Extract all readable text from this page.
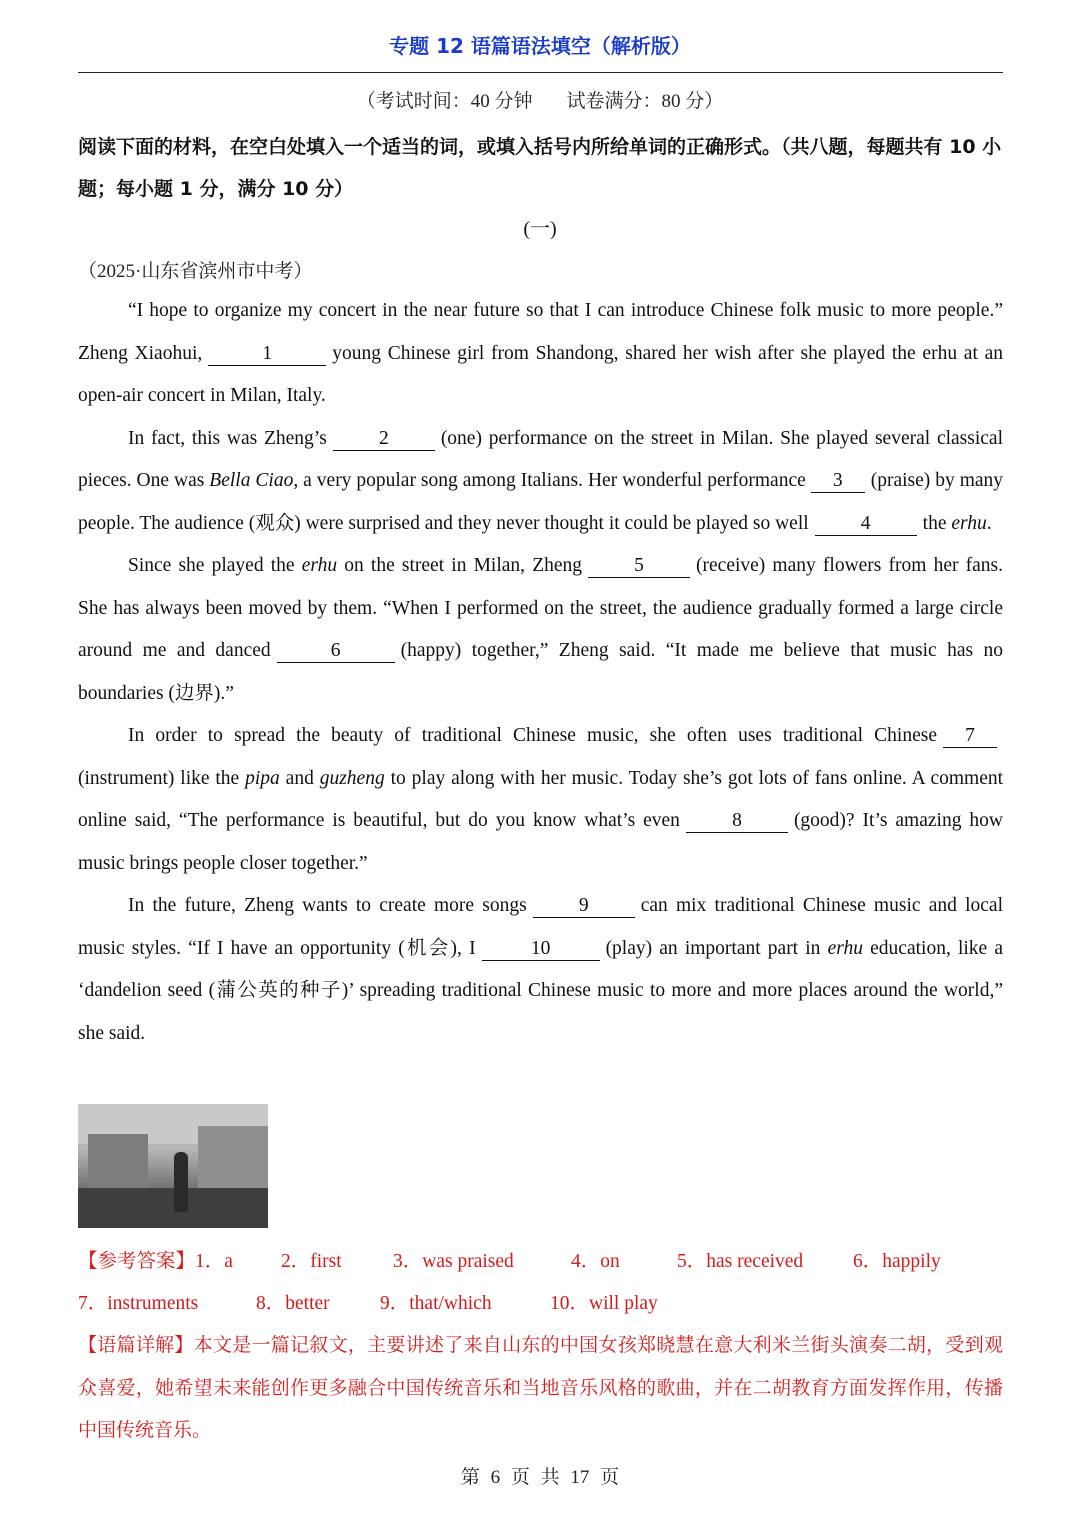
专题 12 语篇语法填空（解析版）
（考试时间：40 分钟 试卷满分：80 分）
阅读下面的材料，在空白处填入一个适当的词，或填入括号内所给单词的正确形式。（共八题，每题共有 10 小题；每小题 1 分，满分 10 分）
(一)
（2025·山东省滨州市中考）

“I hope to organize my concert in the near future so that I can introduce Chinese folk music to more people.” Zheng Xiaohui,	1	young Chinese girl from Shandong, shared her wish after she played the erhu at an open-air concert in Milan, Italy.

In fact, this was Zheng’s	2	(one) performance on the street in Milan. She played several classical pieces. One was Bella Ciao, a very popular song among Italians. Her wonderful performance 3 (praise) by many people. The audience (观众) were surprised and they never thought it could be played so well	4	the erhu.

Since she played the erhu on the street in Milan, Zheng	5	(receive) many flowers from her fans. She has always been moved by them. “When I performed on the street, the audience gradually formed a large circle around me and danced	6	(happy) together,” Zheng said. “It made me believe that music has no boundaries (边界).”

In order to spread the beauty of traditional Chinese music, she often uses traditional Chinese 7(instrument) like the pipa and guzheng to play along with her music. Today she’s got lots of fans online. A comment online said, “The performance is beautiful, but do you know what’s even	8	(good)? It’s amazing how music brings people closer together.”

In the future, Zheng wants to create more songs	9	can mix traditional Chinese music and local music styles. “If I have an opportunity (机会), I	10	(play) an important part in erhu education, like a ‘dandelion seed (蒲公英的种子)’ spreading traditional Chinese music to more and more places around the world,” she said.

【参考答案】1．a 2．first	3．was praised	4．on	5．has received	6．happily
7．instruments	8．better	9．that/which	10．will play
【语篇详解】本文是一篇记叙文，主要讲述了来自山东的中国女孩郑晓慧在意大利米兰街头演奏二胡，受到观众喜爱，她希望未来能创作更多融合中国传统音乐和当地音乐风格的歌曲，并在二胡教育方面发挥作用，传播中国传统音乐。
第 6 页 共 17 页
